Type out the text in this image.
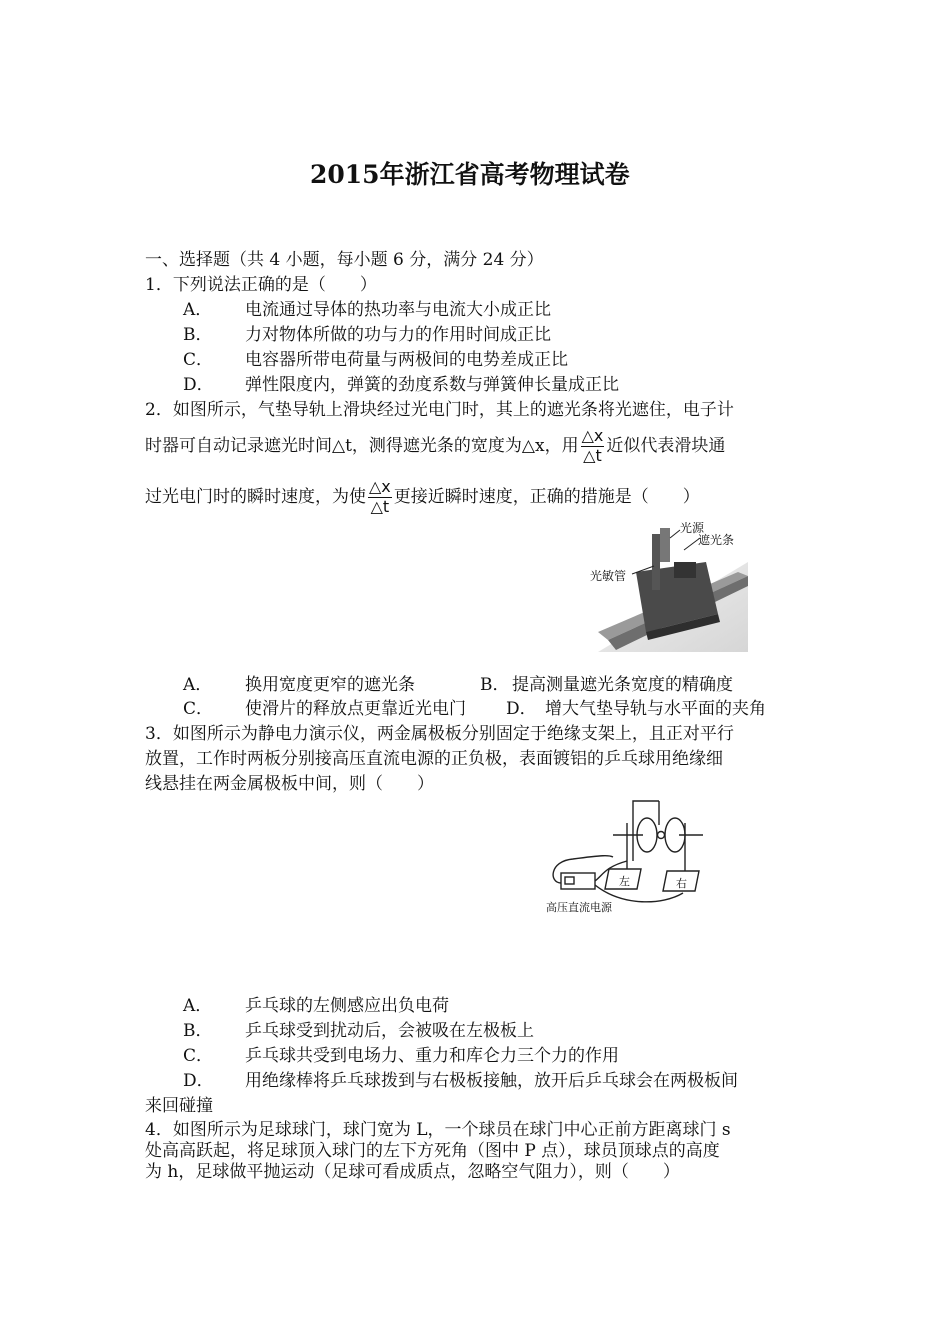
2015年浙江省高考物理试卷
一、选择题（共 4 小题，每小题 6 分，满分 24 分）
1．下列说法正确的是（　　）
A． 电流通过导体的热功率与电流大小成正比
B． 力对物体所做的功与力的作用时间成正比
C． 电容器所带电荷量与两极间的电势差成正比
D． 弹性限度内，弹簧的劲度系数与弹簧伸长量成正比
2．如图所示，气垫导轨上滑块经过光电门时，其上的遮光条将光遮住，电子计
时器可自动记录遮光时间△t，测得遮光条的宽度为△x，用 $\frac{\triangle x}{\triangle t}$ 近似代表滑块通
过光电门时的瞬时速度，为使 $\frac{\triangle x}{\triangle t}$ 更接近瞬时速度，正确的措施是（　　）
光源
遮光条
光敏管
A． 换用宽度更窄的遮光条	B． 提高测量遮光条宽度的精确度
C． 使滑片的释放点更靠近光电门 D． 增大气垫导轨与水平面的夹角
3．如图所示为静电力演示仪，两金属极板分别固定于绝缘支架上，且正对平行
放置，工作时两板分别接高压直流电源的正负极，表面镀铝的乒乓球用绝缘细
线悬挂在两金属极板中间，则（　　）
左	右
高压直流电源
A． 乒乓球的左侧感应出负电荷
B． 乒乓球受到扰动后，会被吸在左极板上
C． 乒乓球共受到电场力、重力和库仑力三个力的作用
D． 用绝缘棒将乒乓球拨到与右极板接触，放开后乒乓球会在两极板间
来回碰撞
4．如图所示为足球球门，球门宽为 L，一个球员在球门中心正前方距离球门 s
处高高跃起，将足球顶入球门的左下方死角（图中 P 点），球员顶球点的高度
为 h，足球做平抛运动（足球可看成质点，忽略空气阻力），则（　　）
